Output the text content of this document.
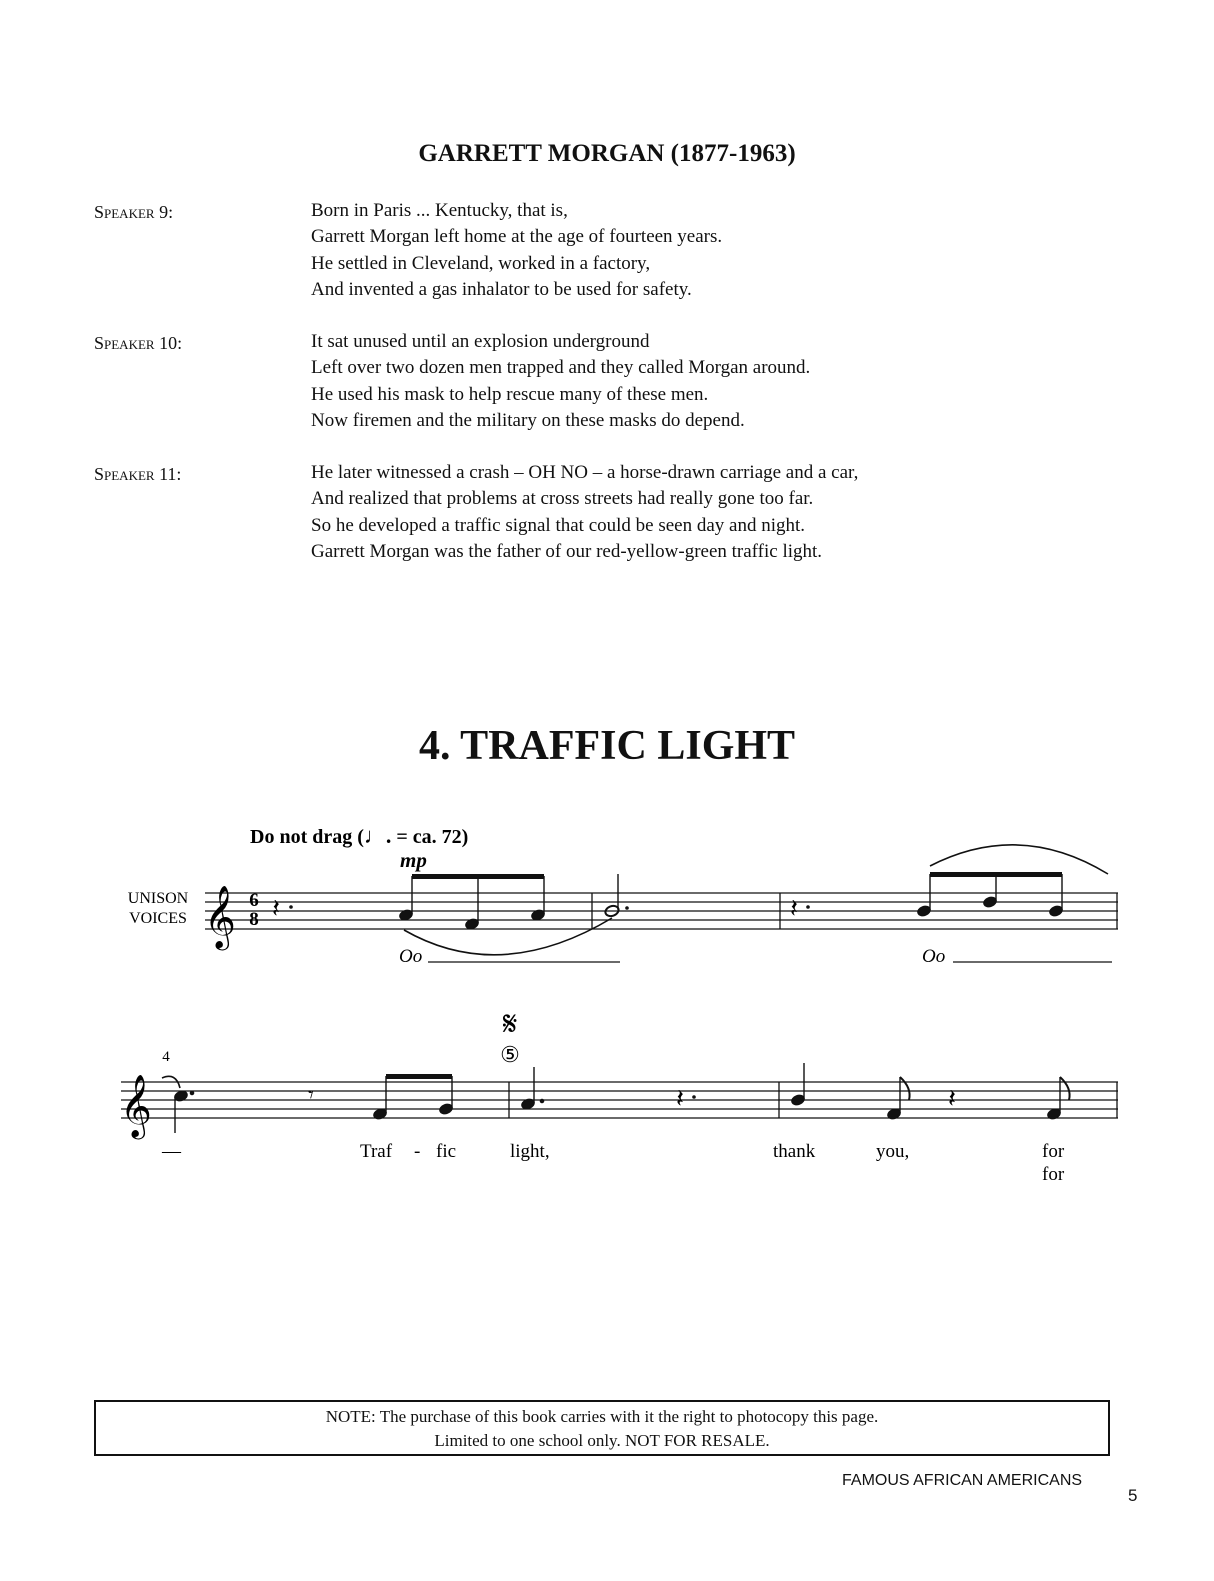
GARRETT MORGAN (1877-1963)
Speaker 9:	Born in Paris ... Kentucky, that is,
Garrett Morgan left home at the age of fourteen years.
He settled in Cleveland, worked in a factory,
And invented a gas inhalator to be used for safety.
Speaker 10:	It sat unused until an explosion underground
Left over two dozen men trapped and they called Morgan around.
He used his mask to help rescue many of these men.
Now firemen and the military on these masks do depend.
Speaker 11:	He later witnessed a crash – OH NO – a horse-drawn carriage and a car,
And realized that problems at cross streets had really gone too far.
So he developed a traffic signal that could be seen day and night.
Garrett Morgan was the father of our red-yellow-green traffic light.
4. TRAFFIC LIGHT
Do not drag (♩. = ca. 72)
mp
UNISON
VOICES 𝄞 6
8 𝄽	𝄽
Oo	Oo
𝄋
⑤
4
𝄞	𝄾	𝄽	𝄽
—	Traf - fic	light,	thank	you,	for
for
NOTE: The purchase of this book carries with it the right to photocopy this page.
Limited to one school only. NOT FOR RESALE.
FAMOUS AFRICAN AMERICANS
5
